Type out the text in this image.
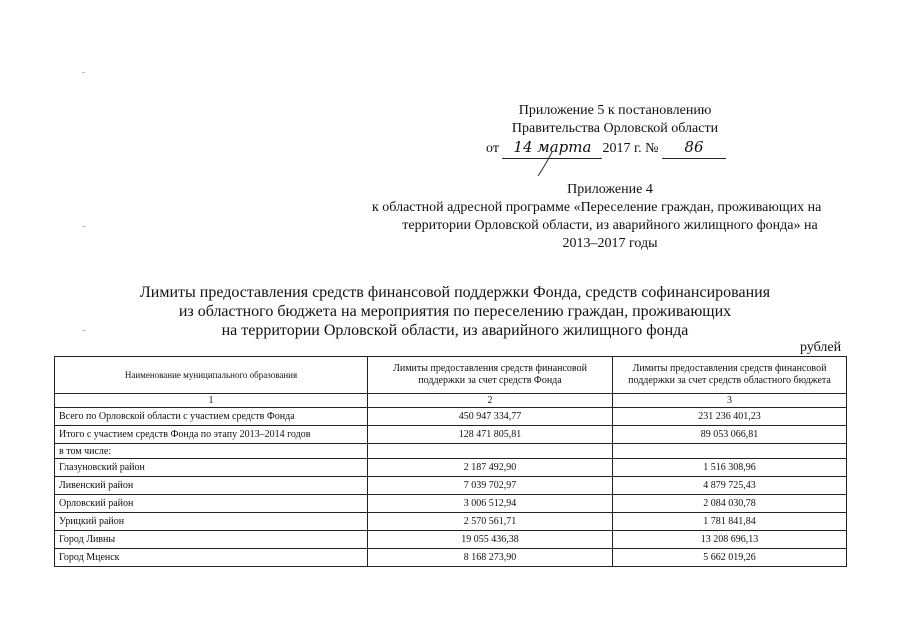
Приложение 5 к постановлению
Правительства Орловской области
от 14 марта 2017 г. № 86
Приложение 4
к областной адресной программе «Переселение граждан, проживающих на
территории Орловской области, из аварийного жилищного фонда» на
2013–2017 годы
Лимиты предоставления средств финансовой поддержки Фонда, средств софинансирования
из областного бюджета на мероприятия по переселению граждан, проживающих
на территории Орловской области, из аварийного жилищного фонда
рублей
Наименование муниципального образования	Лимиты предоставления средств финансовой поддержки за счет средств Фонда	Лимиты предоставления средств финансовой поддержки за счет средств областного бюджета
1	2	3
Всего по Орловской области с участием средств Фонда	450 947 334,77	231 236 401,23
Итого с участием средств Фонда по этапу 2013–2014 годов	128 471 805,81	89 053 066,81
в том числе:		
Глазуновский район	2 187 492,90	1 516 308,96
Ливенский район	7 039 702,97	4 879 725,43
Орловский район	3 006 512,94	2 084 030,78
Урицкий район	2 570 561,71	1 781 841,84
Город Ливны	19 055 436,38	13 208 696,13
Город Мценск	8 168 273,90	5 662 019,26
